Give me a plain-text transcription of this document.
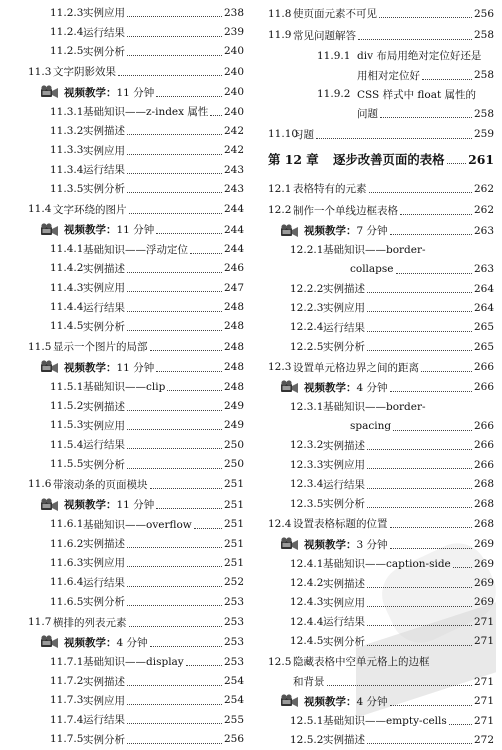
11.2.3 实例应用	238
11.2.4 运行结果	239
11.2.5 实例分析	240
11.3 文字阴影效果	240
视频教学：11 分钟	240
11.3.1 基础知识——z-index 属性 240
11.3.2 实例描述	242
11.3.3 实例应用	242
11.3.4 运行结果	243
11.3.5 实例分析	243
11.4 文字环绕的图片	244
视频教学：11 分钟	244
11.4.1 基础知识——浮动定位	244
11.4.2 实例描述	246
11.4.3 实例应用	247
11.4.4 运行结果	248
11.4.5 实例分析	248
11.5 显示一个图片的局部	248
视频教学：11 分钟	248
11.5.1 基础知识——clip	248
11.5.2 实例描述	249
11.5.3 实例应用	249
11.5.4 运行结果	250
11.5.5 实例分析	250
11.6 带滚动条的页面模块	251
视频教学：11 分钟	251
11.6.1 基础知识——overflow	251
11.6.2 实例描述	251
11.6.3 实例应用	251
11.6.4 运行结果	252
11.6.5 实例分析	253
11.7 横排的列表元素	253
视频教学：4 分钟	253
11.7.1 基础知识——display	253
11.7.2 实例描述	254
11.7.3 实例应用	254
11.7.4 运行结果	255
11.7.5 实例分析	256
11.8 使页面元素不可见	256
11.9 常见问题解答	258
11.9.1 div 布局用绝对定位好还是
用相对定位好	258
11.9.2 CSS 样式中 float 属性的
问题	258
11.10
习题	259
第 12 章	逐步改善页面的表格 261
12.1 表格特有的元素	262
12.2 制作一个单线边框表格	262
视频教学：7 分钟	263
12.2.1 基础知识——border-
collapse	263
12.2.2 实例描述	264
12.2.3 实例应用	264
12.2.4 运行结果	265
12.2.5 实例分析	265
12.3 设置单元格边界之间的距离	266
视频教学：4 分钟	266
12.3.1 基础知识——border-
spacing	266
12.3.2 实例描述	266
12.3.3 实例应用	266
12.3.4 运行结果	268
12.3.5 实例分析	268
12.4 设置表格标题的位置	268
视频教学：3 分钟	269
12.4.1 基础知识——caption-side 269
12.4.2 实例描述	269
12.4.3 实例应用	269
12.4.4 运行结果	271
12.4.5 实例分析	271
12.5 隐藏表格中空单元格上的边框
和背景	271
视频教学：4 分钟	271
12.5.1 基础知识——empty-cells	271
12.5.2 实例描述	272
